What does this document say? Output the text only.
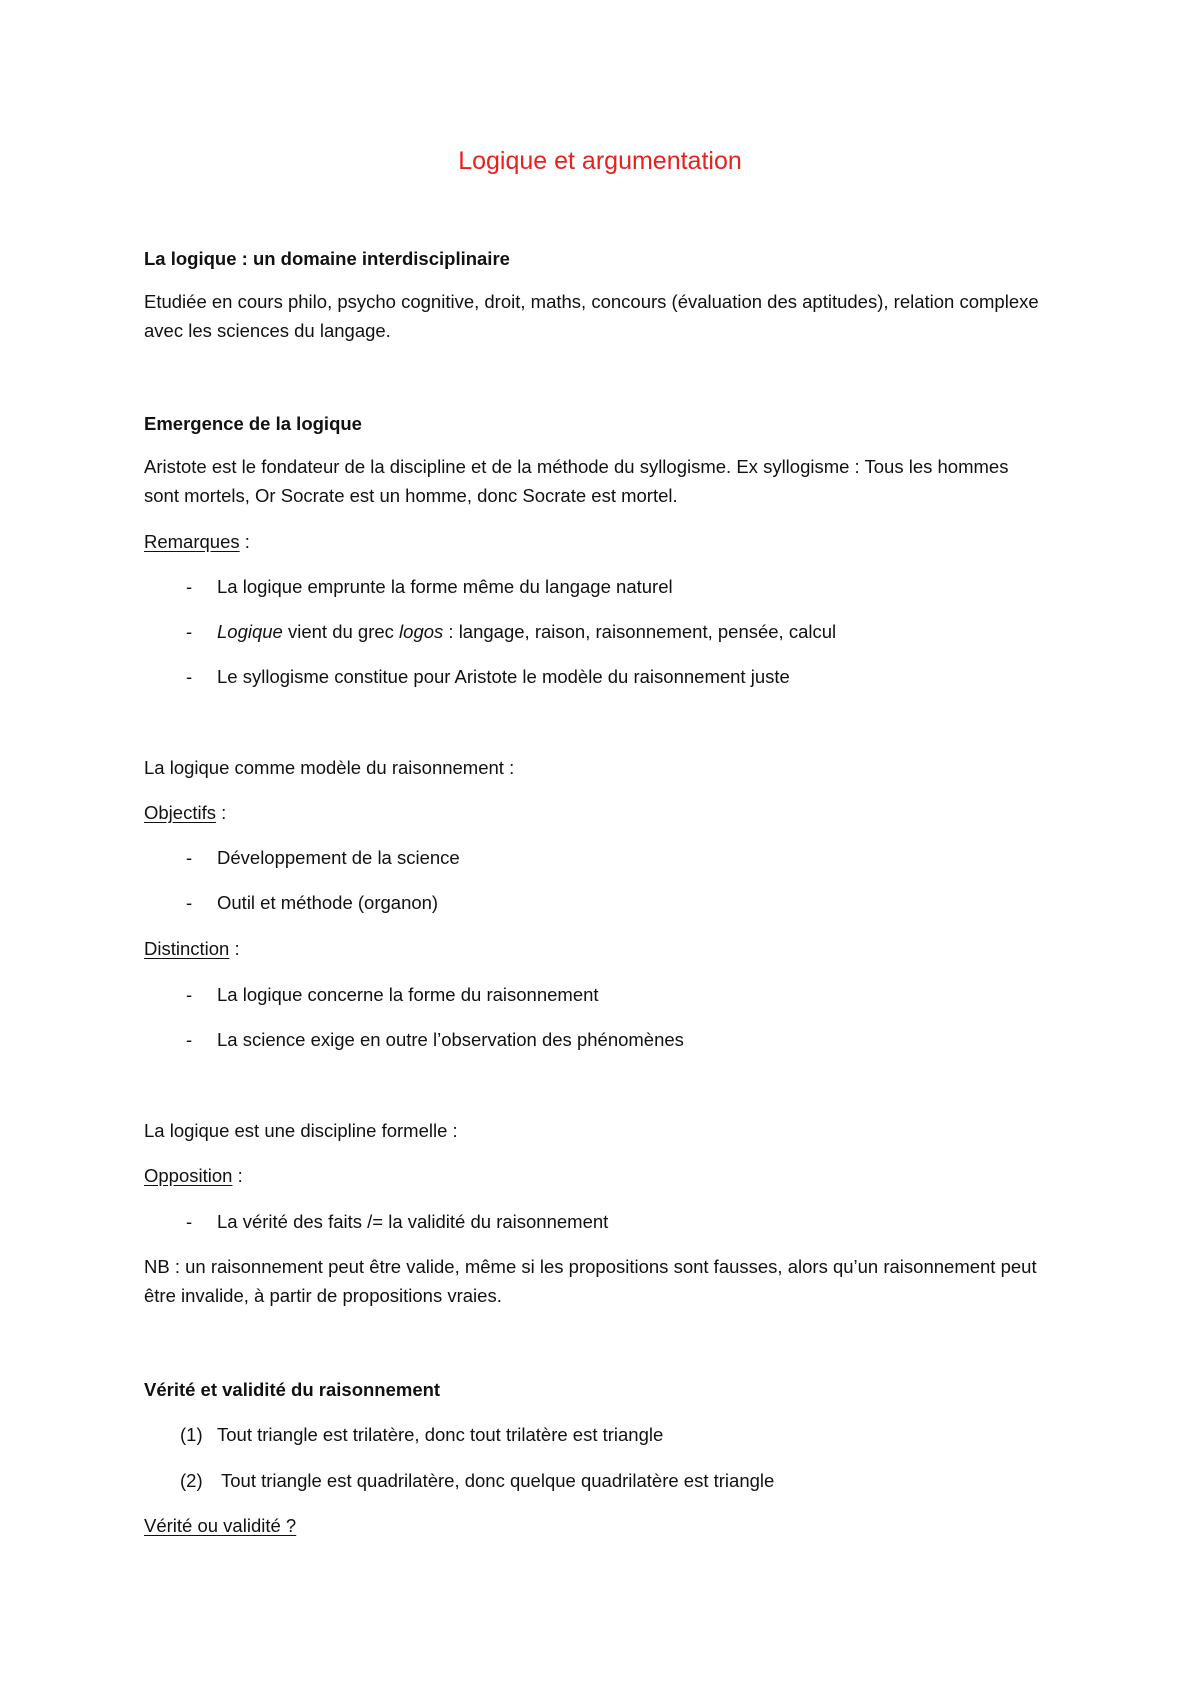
Logique et argumentation

La logique : un domaine interdisciplinaire

Etudiée en cours philo, psycho cognitive, droit, maths, concours (évaluation des aptitudes), relation complexe avec les sciences du langage.

Emergence de la logique

Aristote est le fondateur de la discipline et de la méthode du syllogisme. Ex syllogisme : Tous les hommes sont mortels, Or Socrate est un homme, donc Socrate est mortel.

Remarques :

- La logique emprunte la forme même du langage naturel
- Logique vient du grec logos : langage, raison, raisonnement, pensée, calcul
- Le syllogisme constitue pour Aristote le modèle du raisonnement juste

La logique comme modèle du raisonnement :

Objectifs :

- Développement de la science
- Outil et méthode (organon)

Distinction :

- La logique concerne la forme du raisonnement
- La science exige en outre l’observation des phénomènes

La logique est une discipline formelle :

Opposition :

- La vérité des faits /= la validité du raisonnement

NB : un raisonnement peut être valide, même si les propositions sont fausses, alors qu’un raisonnement peut être invalide, à partir de propositions vraies.

Vérité et validité du raisonnement

(1) Tout triangle est trilatère, donc tout trilatère est triangle
(2) Tout triangle est quadrilatère, donc quelque quadrilatère est triangle

Vérité ou validité ?
